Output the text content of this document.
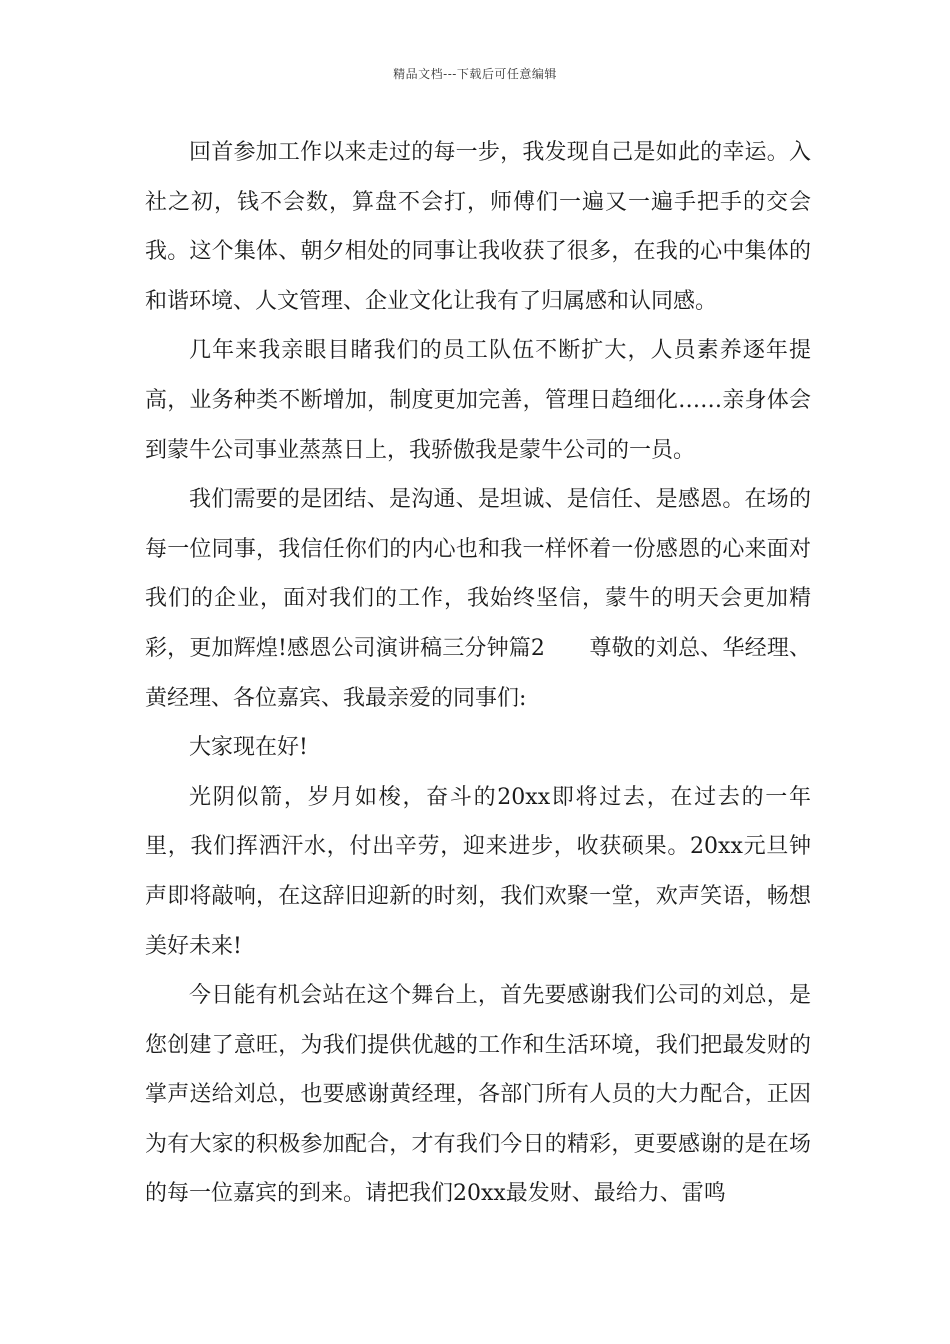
精品文档---下载后可任意编辑

回首参加工作以来走过的每一步，我发现自己是如此的幸运。入社之初，钱不会数，算盘不会打，师傅们一遍又一遍手把手的交会我。这个集体、朝夕相处的同事让我收获了很多，在我的心中集体的和谐环境、人文管理、企业文化让我有了归属感和认同感。

几年来我亲眼目睹我们的员工队伍不断扩大，人员素养逐年提高，业务种类不断增加，制度更加完善，管理日趋细化……亲身体会到蒙牛公司事业蒸蒸日上，我骄傲我是蒙牛公司的一员。

我们需要的是团结、是沟通、是坦诚、是信任、是感恩。在场的每一位同事，我信任你们的内心也和我一样怀着一份感恩的心来面对我们的企业，面对我们的工作，我始终坚信，蒙牛的明天会更加精彩，更加辉煌!感恩公司演讲稿三分钟篇2　　尊敬的刘总、华经理、黄经理、各位嘉宾、我最亲爱的同事们:

大家现在好!

光阴似箭，岁月如梭，奋斗的20xx即将过去，在过去的一年里，我们挥洒汗水，付出辛劳，迎来进步，收获硕果。20xx元旦钟声即将敲响，在这辞旧迎新的时刻，我们欢聚一堂，欢声笑语，畅想美好未来!

今日能有机会站在这个舞台上，首先要感谢我们公司的刘总，是您创建了意旺，为我们提供优越的工作和生活环境，我们把最发财的掌声送给刘总，也要感谢黄经理，各部门所有人员的大力配合，正因为有大家的积极参加配合，才有我们今日的精彩，更要感谢的是在场的每一位嘉宾的到来。请把我们20xx最发财、最给力、雷鸣
